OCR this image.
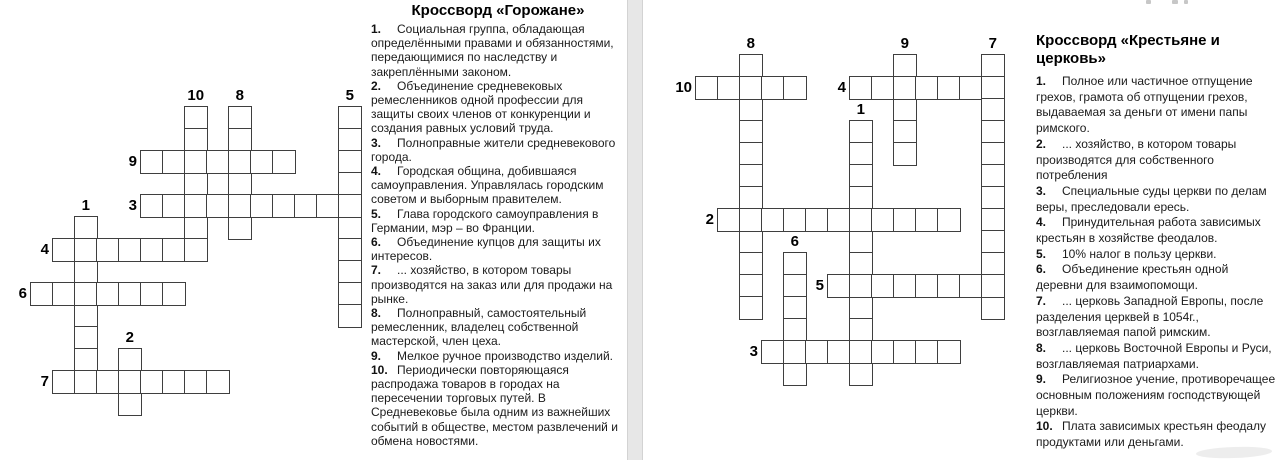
10	8	5
9
3
1
4
6
2
7
8
10
9
4
7
1
2
6
5
3
Кроссворд «Горожане»

1. Социальная группа, обладающая определёнными правами и обязанностями, передающимися по наследству и закреплёнными законом.

2. Объединение средневековых ремесленников одной профессии для защиты своих членов от конкуренции и создания равных условий труда.

3. Полноправные жители средневекового города.

4. Городская община, добившаяся самоуправления. Управлялась городским советом и выборным правителем.

5. Глава городского самоуправления в Германии, мэр – во Франции.

6. Объединение купцов для защиты их интересов.

7. ... хозяйство, в котором товары производятся на заказ или для продажи на рынке.

8. Полноправный, самостоятельный ремесленник, владелец собственной мастерской, член цеха.

9. Мелкое ручное производство изделий.

10. Периодически повторяющаяся распродажа товаров в городах на пересечении торговых путей. В Средневековье была одним из важнейших событий в обществе, местом развлечений и обмена новостями.

Кроссворд «Крестьяне и церковь»

1. Полное или частичное отпущение грехов, грамота об отпущении грехов, выдаваемая за деньги от имени папы римского.

2. ... хозяйство, в котором товары производятся для собственного потребления

3. Специальные суды церкви по делам веры, преследовали ересь.

4. Принудительная работа зависимых крестьян в хозяйстве феодалов.

5. 10% налог в пользу церкви.

6. Объединение крестьян одной деревни для взаимопомощи.

7. ... церковь Западной Европы, после разделения церквей в 1054г., возглавляемая папой римским.

8. ... церковь Восточной Европы и Руси, возглавляемая патриархами.

9. Религиозное учение, противоречащее основным положениям господствующей церкви.

10. Плата зависимых крестьян феодалу продуктами или деньгами.
